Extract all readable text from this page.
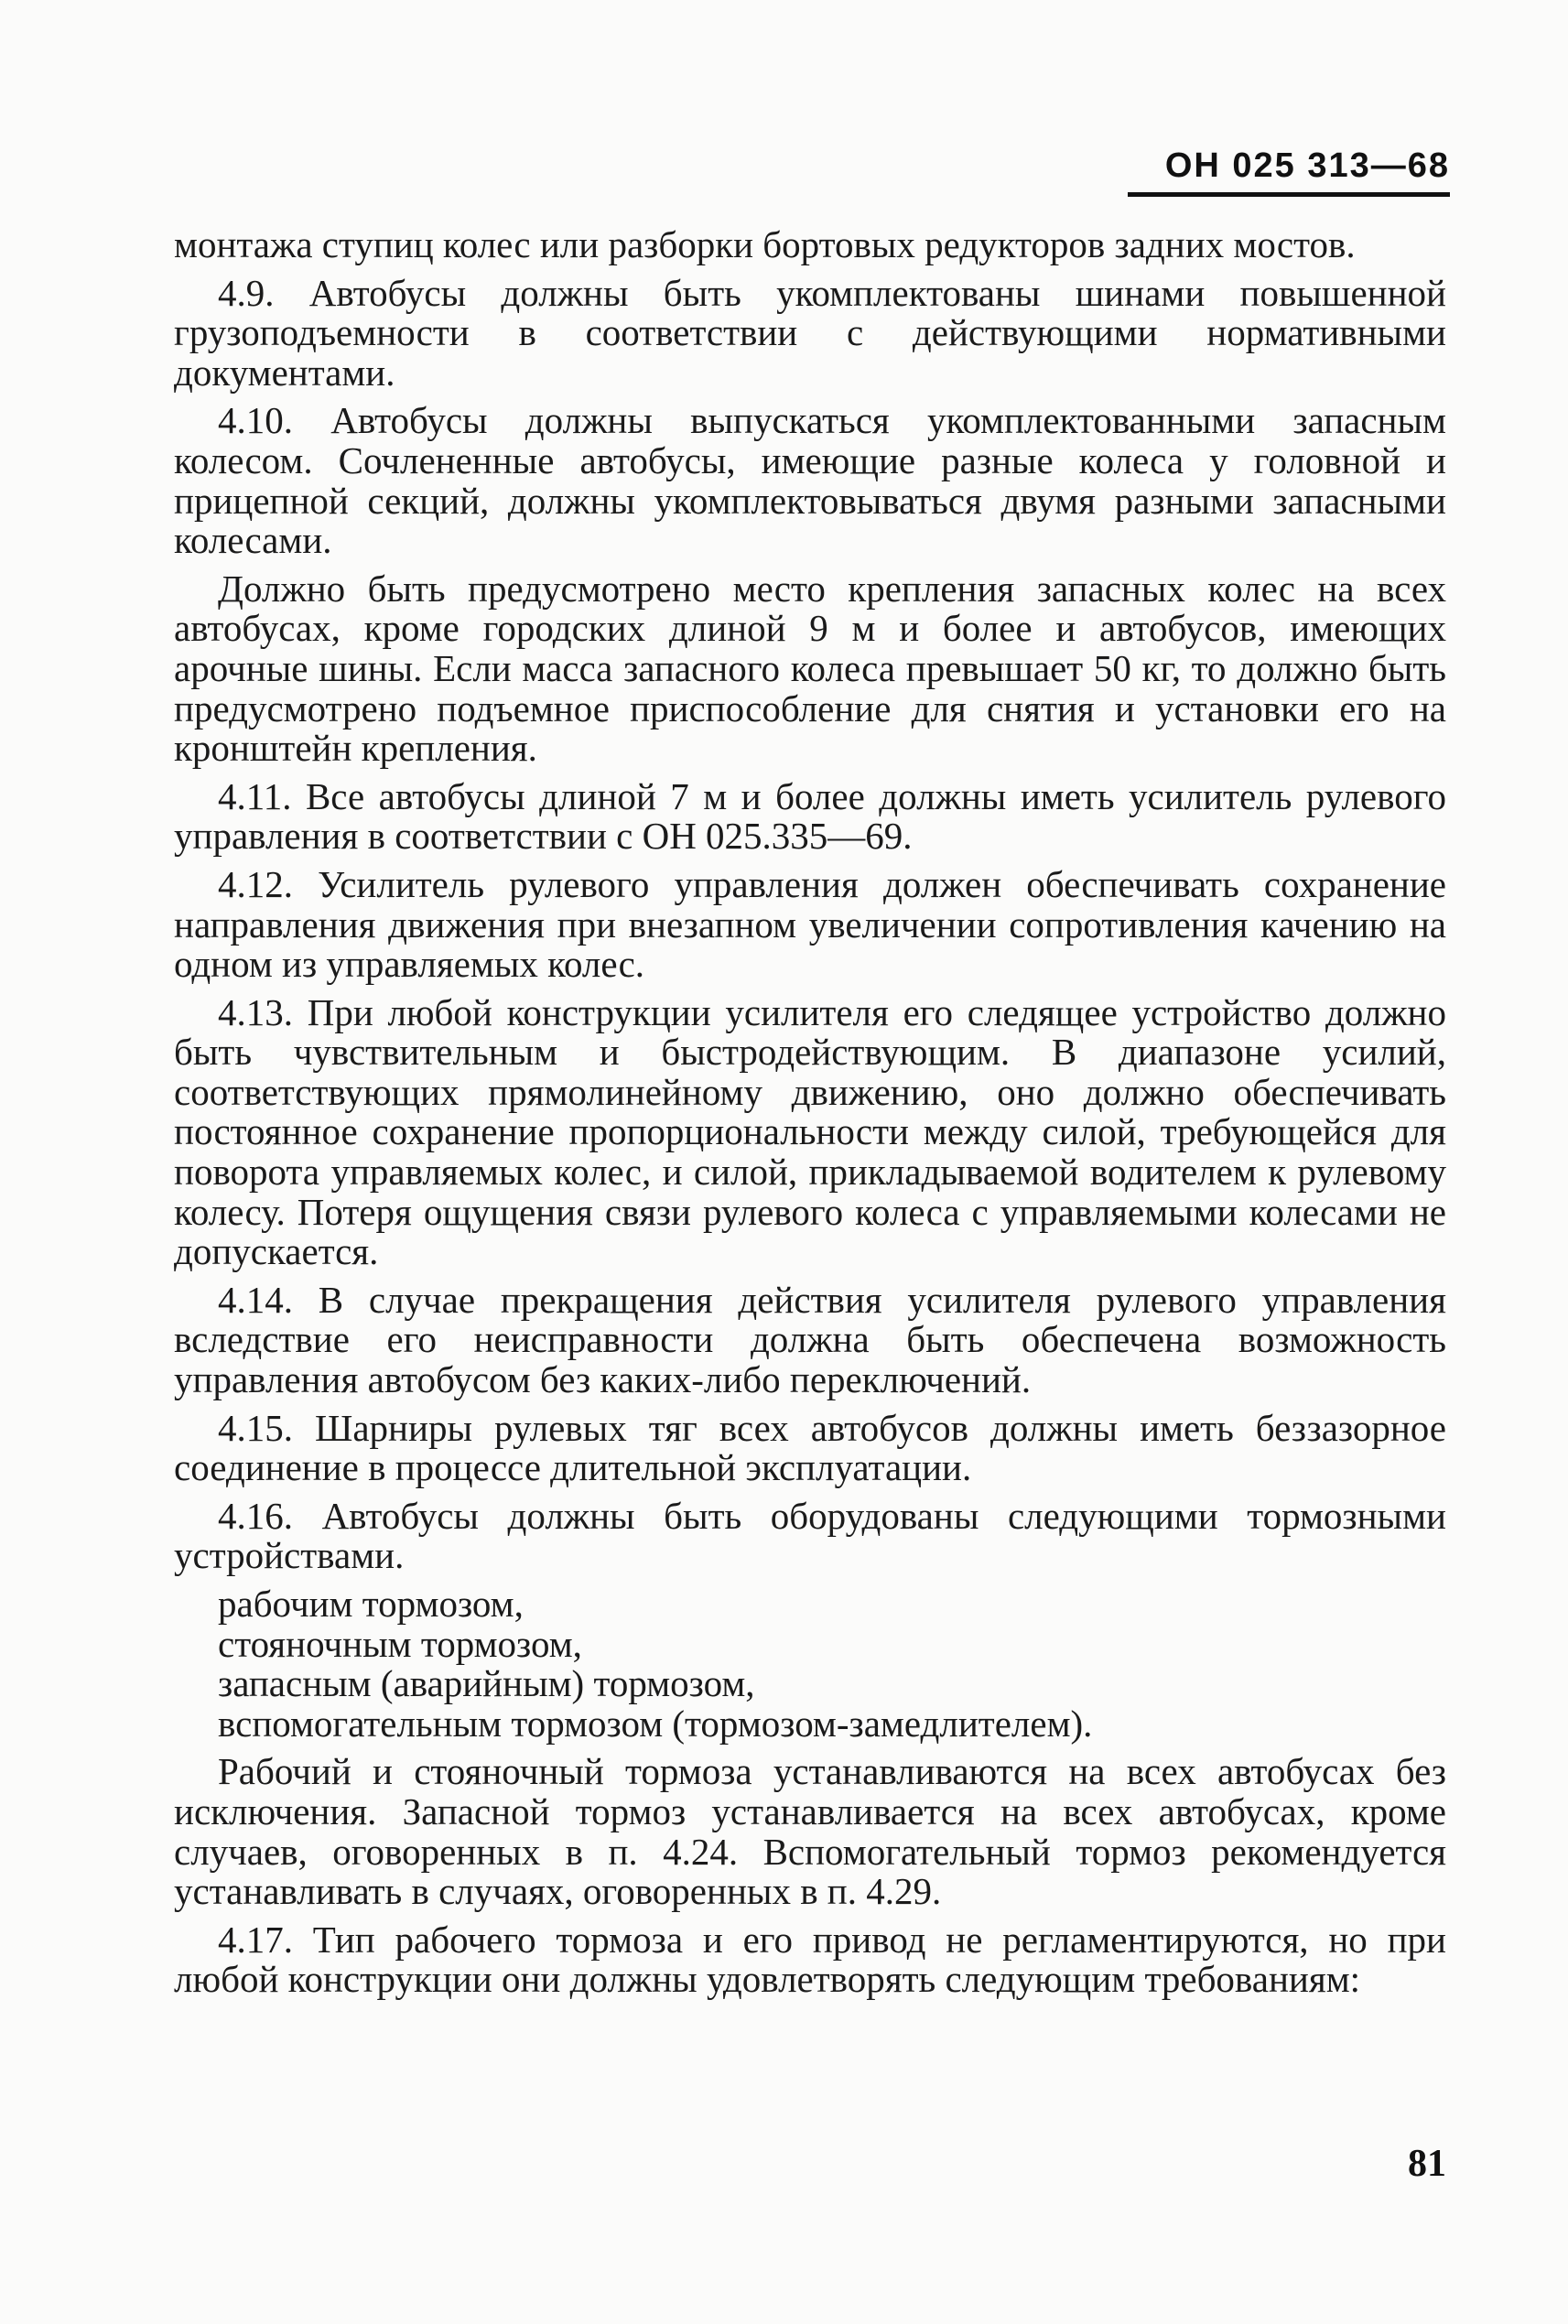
ОН 025 313—68

монтажа ступиц колес или разборки бортовых редукторов задних мостов.

4.9. Автобусы должны быть укомплектованы шинами повышенной грузоподъемности в соответствии с действующими нормативными документами.

4.10. Автобусы должны выпускаться укомплектованными запасным колесом. Сочлененные автобусы, имеющие разные колеса у головной и прицепной секций, должны укомплектовываться двумя разными запасными колесами.

Должно быть предусмотрено место крепления запасных колес на всех автобусах, кроме городских длиной 9 м и более и автобусов, имеющих арочные шины. Если масса запасного колеса превышает 50 кг, то должно быть предусмотрено подъемное приспособление для снятия и установки его на кронштейн крепления.

4.11. Все автобусы длиной 7 м и более должны иметь усилитель рулевого управления в соответствии с ОН 025.335—69.

4.12. Усилитель рулевого управления должен обеспечивать сохранение направления движения при внезапном увеличении сопротивления качению на одном из управляемых колес.

4.13. При любой конструкции усилителя его следящее устройство должно быть чувствительным и быстродействующим. В диапазоне усилий, соответствующих прямолинейному движению, оно должно обеспечивать постоянное сохранение пропорциональности между силой, требующейся для поворота управляемых колес, и силой, прикладываемой водителем к рулевому колесу. Потеря ощущения связи рулевого колеса с управляемыми колесами не допускается.

4.14. В случае прекращения действия усилителя рулевого управления вследствие его неисправности должна быть обеспечена возможность управления автобусом без каких-либо переключений.

4.15. Шарниры рулевых тяг всех автобусов должны иметь беззазорное соединение в процессе длительной эксплуатации.

4.16. Автобусы должны быть оборудованы следующими тормозными устройствами.

рабочим тормозом,
стояночным тормозом,
запасным (аварийным) тормозом,
вспомогательным тормозом (тормозом-замедлителем).

Рабочий и стояночный тормоза устанавливаются на всех автобусах без исключения. Запасной тормоз устанавливается на всех автобусах, кроме случаев, оговоренных в п. 4.24. Вспомогательный тормоз рекомендуется устанавливать в случаях, оговоренных в п. 4.29.

4.17. Тип рабочего тормоза и его привод не регламентируются, но при любой конструкции они должны удовлетворять следующим требованиям:

81
